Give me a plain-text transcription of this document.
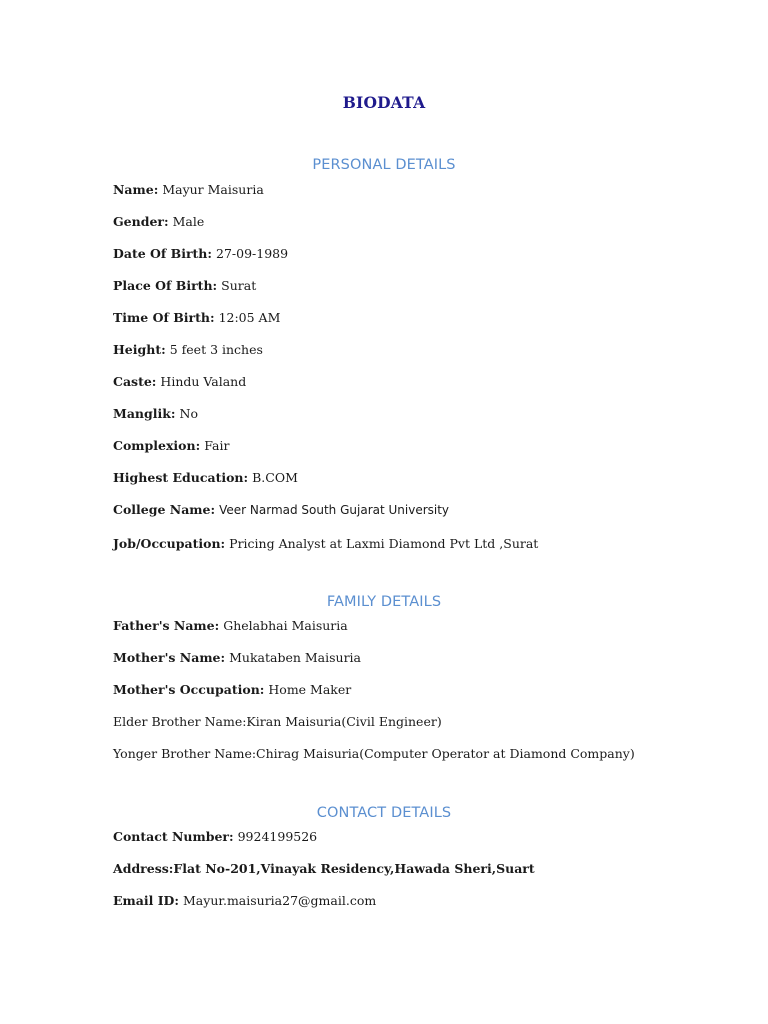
BIODATA
PERSONAL DETAILS
Name: Mayur Maisuria
Gender: Male
Date Of Birth: 27-09-1989
Place Of Birth: Surat
Time Of Birth: 12:05 AM
Height: 5 feet 3 inches
Caste: Hindu Valand
Manglik: No
Complexion: Fair
Highest Education: B.COM
College Name: Veer Narmad South Gujarat University
Job/Occupation: Pricing Analyst at Laxmi Diamond Pvt Ltd ,Surat
FAMILY DETAILS
Father's Name: Ghelabhai Maisuria
Mother's Name: Mukataben Maisuria
Mother's Occupation: Home Maker
Elder Brother Name:Kiran Maisuria(Civil Engineer)
Yonger Brother Name:Chirag Maisuria(Computer Operator at Diamond Company)
CONTACT DETAILS
Contact Number: 9924199526
Address:Flat No-201,Vinayak Residency,Hawada Sheri,Suart
Email ID: Mayur.maisuria27@gmail.com
